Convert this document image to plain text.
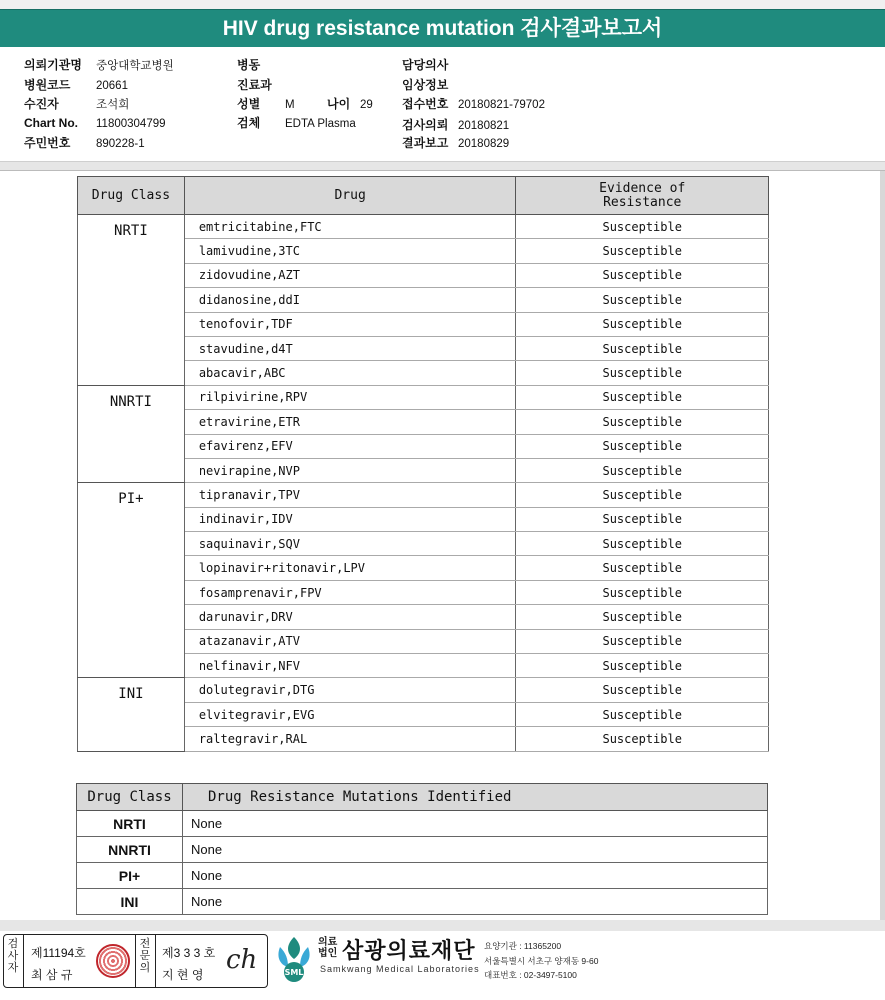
HIV drug resistance mutation 검사결과보고서
의뢰기관명 중앙대학교병원
병원코드 20661
수진자	조석희
Chart No. 11800304799
주민번호 890228-1
병동
진료과
성별 M	나이 29
검체 EDTA Plasma
담당의사
임상정보
접수번호 20180821-79702
검사의뢰 20180821
결과보고 20180829
Drug Class	Drug	Evidence of
Resistance
NRTI	emtricitabine,FTC	Susceptible
	lamivudine,3TC	Susceptible
	zidovudine,AZT	Susceptible
	didanosine,ddI	Susceptible
	tenofovir,TDF	Susceptible
	stavudine,d4T	Susceptible
	abacavir,ABC	Susceptible
NNRTI	rilpivirine,RPV	Susceptible
	etravirine,ETR	Susceptible
	efavirenz,EFV	Susceptible
	nevirapine,NVP	Susceptible
PI+	tipranavir,TPV	Susceptible
	indinavir,IDV	Susceptible
	saquinavir,SQV	Susceptible
	lopinavir+ritonavir,LPV	Susceptible
	fosamprenavir,FPV	Susceptible
	darunavir,DRV	Susceptible
	atazanavir,ATV	Susceptible
	nelfinavir,NFV	Susceptible
INI	dolutegravir,DTG	Susceptible
	elvitegravir,EVG	Susceptible
	raltegravir,RAL	Susceptible
Drug Class	Drug Resistance Mutations Identified
NRTI	None
NNRTI	None
PI+	None
INI	None
검사자
제11194호
최 삼 규
전문의
제3 3 3 호
지 현 영 ch	SML
의료법인 삼광의료재단
Samkwang Medical Laboratories
요양기관 : 11365200
서울특별시 서초구 양재동 9-60
대표번호 : 02-3497-5100
